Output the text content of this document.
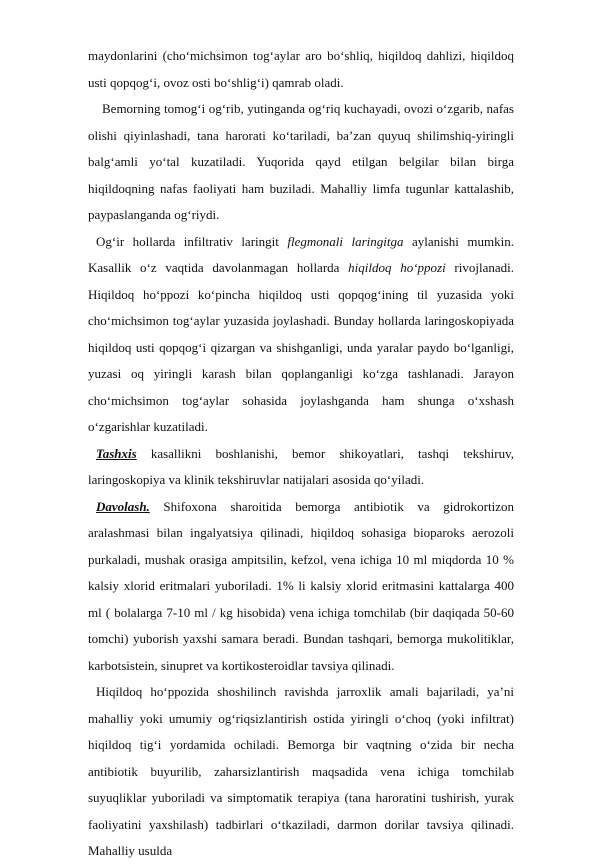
maydonlarini (cho‘michsimon tog‘aylar aro bo‘shliq, hiqildoq dahlizi, hiqildoq usti qopqog‘i, ovoz osti bo‘shlig‘i) qamrab oladi.

Bemorning tomog‘i og‘rib, yutinganda og‘riq kuchayadi, ovozi o‘zgarib, nafas olishi qiyinlashadi, tana harorati ko‘tariladi, ba’zan quyuq shilimshiq-yiringli balg‘amli yo‘tal kuzatiladi. Yuqorida qayd etilgan belgilar bilan birga hiqildoqning nafas faoliyati ham buziladi. Mahalliy limfa tugunlar kattalashib, paypaslanganda og‘riydi.

Og‘ir hollarda infiltrativ laringit flegmonali laringitga aylanishi mumkin. Kasallik o‘z vaqtida davolanmagan hollarda hiqildoq ho‘ppozi rivojlanadi. Hiqildoq ho‘ppozi ko‘pincha hiqildoq usti qopqog‘ining til yuzasida yoki cho‘michsimon tog‘aylar yuzasida joylashadi. Bunday hollarda laringoskopiyada hiqildoq usti qopqog‘i qizargan va shishganligi, unda yaralar paydo bo‘lganligi, yuzasi oq yiringli karash bilan qoplanganligi ko‘zga tashlanadi. Jarayon cho‘michsimon tog‘aylar sohasida joylashganda ham shunga o‘xshash o‘zgarishlar kuzatiladi.

Tashxis kasallikni boshlanishi, bemor shikoyatlari, tashqi tekshiruv, laringoskopiya va klinik tekshiruvlar natijalari asosida qo‘yiladi.

Davolash. Shifoxona sharoitida bemorga antibiotik va gidrokortizon aralashmasi bilan ingalyatsiya qilinadi, hiqildoq sohasiga bioparoks aerozoli purkaladi, mushak orasiga ampitsilin, kefzol, vena ichiga 10 ml miqdorda 10 % kalsiy xlorid eritmalari yuboriladi. 1% li kalsiy xlorid eritmasini kattalarga 400 ml ( bolalarga 7-10 ml / kg hisobida) vena ichiga tomchilab (bir daqiqada 50-60 tomchi) yuborish yaxshi samara beradi. Bundan tashqari, bemorga mukolitiklar, karbotsistein, sinupret va kortikosteroidlar tavsiya qilinadi.

Hiqildoq ho‘ppozida shoshilinch ravishda jarroxlik amali bajariladi, ya’ni mahalliy yoki umumiy og‘riqsizlantirish ostida yiringli o‘choq (yoki infiltrat) hiqildoq tig‘i yordamida ochiladi. Bemorga bir vaqtning o‘zida bir necha antibiotik buyurilib, zaharsizlantirish maqsadida vena ichiga tomchilab suyuqliklar yuboriladi va simptomatik terapiya (tana haroratini tushirish, yurak faoliyatini yaxshilash) tadbirlari o‘tkaziladi, darmon dorilar tavsiya qilinadi. Mahalliy usulda
